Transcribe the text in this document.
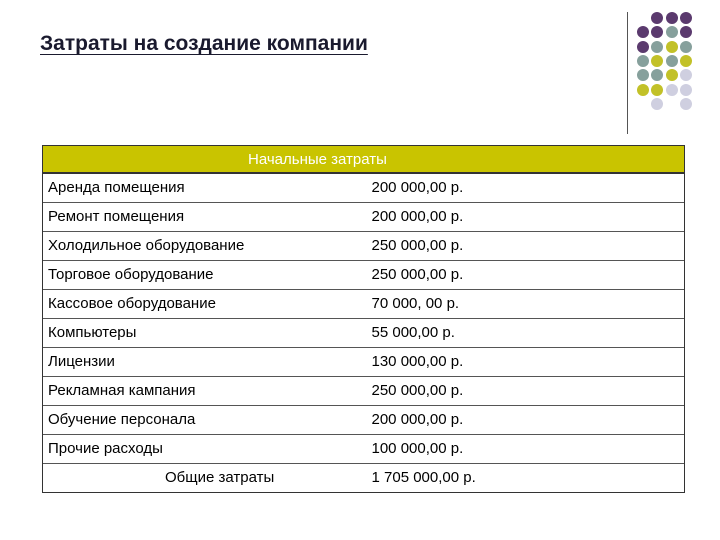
Затраты на создание компании
Начальные затраты	
Аренда помещения	200 000,00 р.
Ремонт помещения	200 000,00 р.
Холодильное оборудование	250 000,00 р.
Торговое оборудование	250 000,00 р.
Кассовое оборудование	70 000, 00 р.
Компьютеры	55 000,00 р.
Лицензии	130 000,00 р.
Рекламная кампания	250 000,00 р.
Обучение персонала	200 000,00 р.
Прочие расходы	100 000,00 р.
Общие затраты	1 705 000,00 р.
